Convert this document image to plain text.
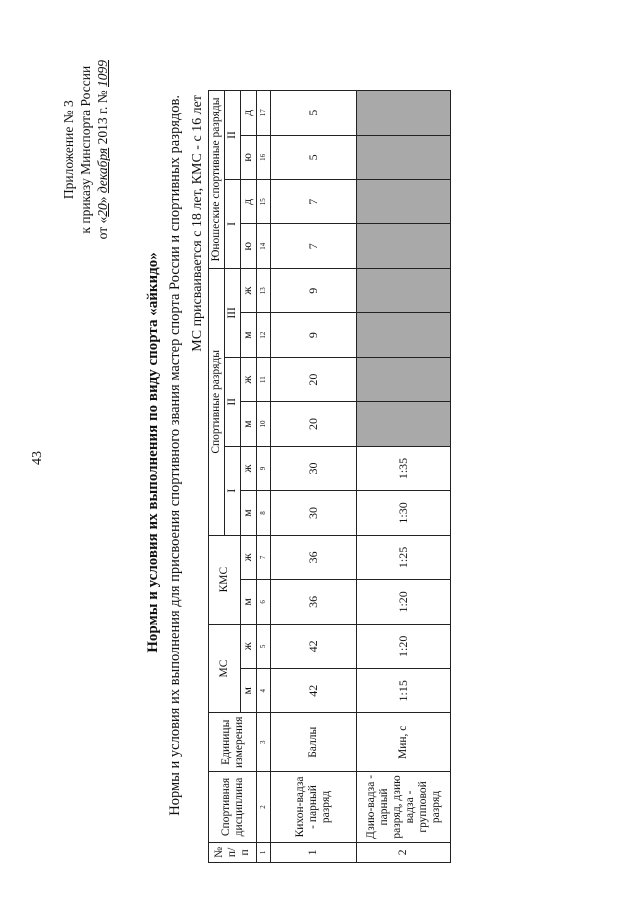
43
Приложение № 3 к приказу Минспорта России от «20» декабря 2013 г. № 1099
Нормы и условия их выполнения по виду спорта «айкидо» Нормы и условия их выполнения для присвоения спортивного звания мастер спорта России и спортивных разрядов. МС присваивается с 18 лет, КМС - с 16 лет
№ п/п	Спортивная дисциплина	Единицы измерения	МС		КМС		Спортивные разряды						Юношеские спортивные разряды			
							I		II		III		I		II	
			м	ж	м	ж	м	ж	м	ж	м	ж	ю	д	ю	д
1	2	3	4	5	6	7	8	9	10	11	12	13	14	15	16	17
1	Кихон-вадза - парный разряд	Баллы	42	42	36	36	30	30	20	20	9	9	7	7	5	5
2	Дзию-вадза - парный разряд, дзию вадза - групповой разряд	Мин, с	1:15	1:20	1:20	1:25	1:30	1:35								
